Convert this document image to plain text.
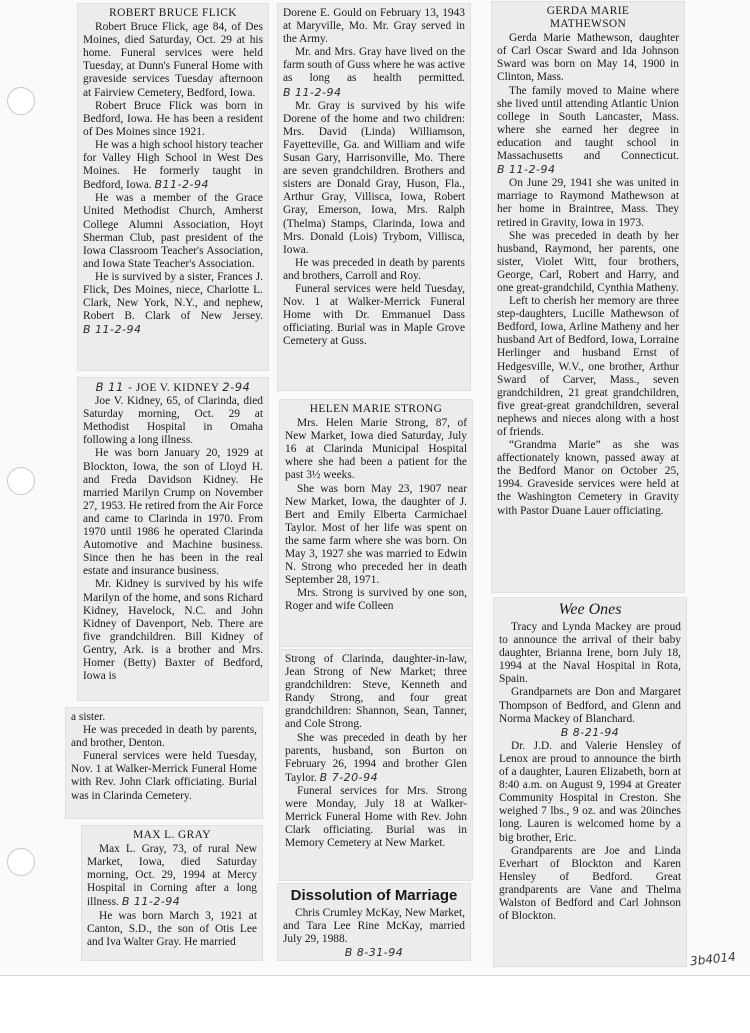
ROBERT BRUCE FLICK

Robert Bruce Flick, age 84, of Des Moines, died Saturday, Oct. 29 at his home. Funeral services were held Tuesday, at Dunn's Funeral Home with graveside services Tuesday afternoon at Fairview Cemetery, Bedford, Iowa.

Robert Bruce Flick was born in Bedford, Iowa. He has been a resident of Des Moines since 1921.

He was a high school history teacher for Valley High School in West Des Moines. He formerly taught in Bedford, Iowa. B11-2-94

He was a member of the Grace United Methodist Church, Amherst College Alumni Association, Hoyt Sherman Club, past president of the Iowa Classroom Teacher's Association, and Iowa State Teacher's Association.

He is survived by a sister, Frances J. Flick, Des Moines, niece, Charlotte L. Clark, New York, N.Y., and nephew, Robert B. Clark of New Jersey. B 11-2-94

B 11 - JOE V. KIDNEY 2-94

Joe V. Kidney, 65, of Clarinda, died Saturday morning, Oct. 29 at Methodist Hospital in Omaha following a long illness.

He was born January 20, 1929 at Blockton, Iowa, the son of Lloyd H. and Freda Davidson Kidney. He married Marilyn Crump on November 27, 1953. He retired from the Air Force and came to Clarinda in 1970. From 1970 until 1986 he operated Clarinda Automotive and Machine business. Since then he has been in the real estate and insurance business.

Mr. Kidney is survived by his wife Marilyn of the home, and sons Richard Kidney, Havelock, N.C. and John Kidney of Davenport, Neb. There are five grandchildren. Bill Kidney of Gentry, Ark. is a brother and Mrs. Homer (Betty) Baxter of Bedford, Iowa is

a sister.

He was preceded in death by parents, and brother, Denton.

Funeral services were held Tuesday, Nov. 1 at Walker-Merrick Funeral Home with Rev. John Clark officiating. Burial was in Clarinda Cemetery.

MAX L. GRAY

Max L. Gray, 73, of rural New Market, Iowa, died Saturday morning, Oct. 29, 1994 at Mercy Hospital in Corning after a long illness. B 11-2-94

He was born March 3, 1921 at Canton, S.D., the son of Otis Lee and Iva Walter Gray. He married

Dorene E. Gould on February 13, 1943 at Maryville, Mo. Mr. Gray served in the Army.

Mr. and Mrs. Gray have lived on the farm south of Guss where he was active as long as health permitted. B 11-2-94

Mr. Gray is survived by his wife Dorene of the home and two children: Mrs. David (Linda) Williamson, Fayetteville, Ga. and William and wife Susan Gary, Harrisonville, Mo. There are seven grandchildren. Brothers and sisters are Donald Gray, Huson, Fla., Arthur Gray, Villisca, Iowa, Robert Gray, Emerson, Iowa, Mrs. Ralph (Thelma) Stamps, Clarinda, Iowa and Mrs. Donald (Lois) Trybom, Villisca, Iowa.

He was preceded in death by parents and brothers, Carroll and Roy.

Funeral services were held Tuesday, Nov. 1 at Walker-Merrick Funeral Home with Dr. Emmanuel Dass officiating. Burial was in Maple Grove Cemetery at Guss.

HELEN MARIE STRONG

Mrs. Helen Marie Strong, 87, of New Market, Iowa died Saturday, July 16 at Clarinda Municipal Hospital where she had been a patient for the past 3½ weeks.

She was born May 23, 1907 near New Market, Iowa, the daughter of J. Bert and Emily Elberta Carmichael Taylor. Most of her life was spent on the same farm where she was born. On May 3, 1927 she was married to Edwin N. Strong who preceded her in death September 28, 1971.

Mrs. Strong is survived by one son, Roger and wife Colleen

Strong of Clarinda, daughter-in-law, Jean Strong of New Market; three grandchildren: Steve, Kenneth and Randy Strong, and four great grandchildren: Shannon, Sean, Tanner, and Cole Strong.

She was preceded in death by her parents, husband, son Burton on February 26, 1994 and brother Glen Taylor. B 7-20-94

Funeral services for Mrs. Strong were Monday, July 18 at Walker-Merrick Funeral Home with Rev. John Clark officiating. Burial was in Memory Cemetery at New Market.

Dissolution of Marriage

Chris Crumley McKay, New Market, and Tara Lee Rine McKay, married July 29, 1988.

B 8-31-94
GERDA MARIE
MATHEWSON

Gerda Marie Mathewson, daughter of Carl Oscar Sward and Ida Johnson Sward was born on May 14, 1900 in Clinton, Mass.

The family moved to Maine where she lived until attending Atlantic Union college in South Lancaster, Mass. where she earned her degree in education and taught school in Massachusetts and Connecticut. B 11-2-94

On June 29, 1941 she was united in marriage to Raymond Mathewson at her home in Braintree, Mass. They retired in Gravity, Iowa in 1973.

She was preceded in death by her husband, Raymond, her parents, one sister, Violet Witt, four brothers, George, Carl, Robert and Harry, and one great-grandchild, Cynthia Matheny.

Left to cherish her memory are three step-daughters, Lucille Mathewson of Bedford, Iowa, Arline Matheny and her husband Art of Bedford, Iowa, Lorraine Herlinger and husband Ernst of Hedgesville, W.V., one brother, Arthur Sward of Carver, Mass., seven grandchildren, 21 great grandchildren, five great-great grandchildren, several nephews and nieces along with a host of friends.

“Grandma Marie” as she was affectionately known, passed away at the Bedford Manor on October 25, 1994. Graveside services were held at the Washington Cemetery in Gravity with Pastor Duane Lauer officiating.

Wee Ones

Tracy and Lynda Mackey are proud to announce the arrival of their baby daughter, Brianna Irene, born July 18, 1994 at the Naval Hospital in Rota, Spain.

Grandparnets are Don and Margaret Thompson of Bedford, and Glenn and Norma Mackey of Blanchard.

B 8-21-94

Dr. J.D. and Valerie Hensley of Lenox are proud to announce the birth of a daughter, Lauren Elizabeth, born at 8:40 a.m. on August 9, 1994 at Greater Community Hospital in Creston. She weighed 7 lbs., 9 oz. and was 20inches long. Lauren is welcomed home by a big brother, Eric.

Grandparents are Joe and Linda Everhart of Blockton and Karen Hensley of Bedford. Great grandparents are Vane and Thelma Walston of Bedford and Carl Johnson of Blockton.

3b4014
